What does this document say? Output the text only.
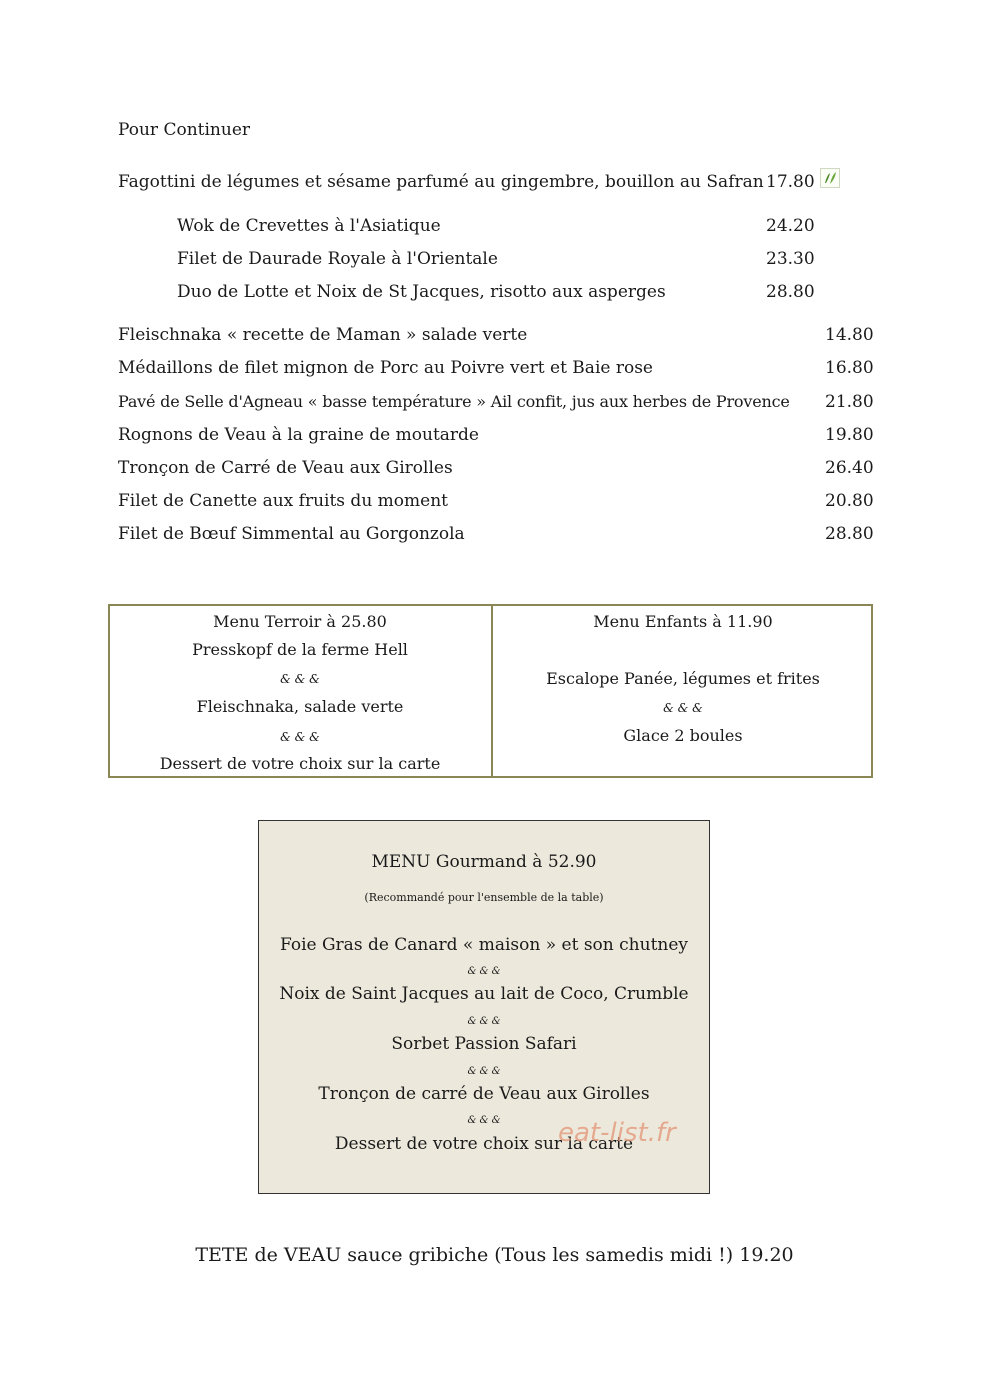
Pour Continuer
Fagottini de légumes et sésame parfumé au gingembre, bouillon au Safran 17.80
Wok de Crevettes à l'Asiatique	24.20
Filet de Daurade Royale à l'Orientale	23.30
Duo de Lotte et Noix de St Jacques, risotto aux asperges	28.80
Fleischnaka « recette de Maman » salade verte	14.80
Médaillons de filet mignon de Porc au Poivre vert et Baie rose	16.80
Pavé de Selle d'Agneau « basse température » Ail confit, jus aux herbes de Provence 21.80
Rognons de Veau à la graine de moutarde	19.80
Tronçon de Carré de Veau aux Girolles	26.40
Filet de Canette aux fruits du moment	20.80
Filet de Bœuf Simmental au Gorgonzola	28.80
Menu Terroir à 25.80
Presskopf de la ferme Hell
& & &
Fleischnaka, salade verte
& & &
Dessert de votre choix sur la carte
Menu Enfants à 11.90
Escalope Panée, légumes et frites
& & &
Glace 2 boules
MENU Gourmand à 52.90
(Recommandé pour l'ensemble de la table)
Foie Gras de Canard « maison » et son chutney
& & &
Noix de Saint Jacques au lait de Coco, Crumble
& & &
Sorbet Passion Safari
& & &
Tronçon de carré de Veau aux Girolles
& & &
Dessert de votre choix sur la carte
eat-list.fr
TETE de VEAU sauce gribiche (Tous les samedis midi !) 19.20
